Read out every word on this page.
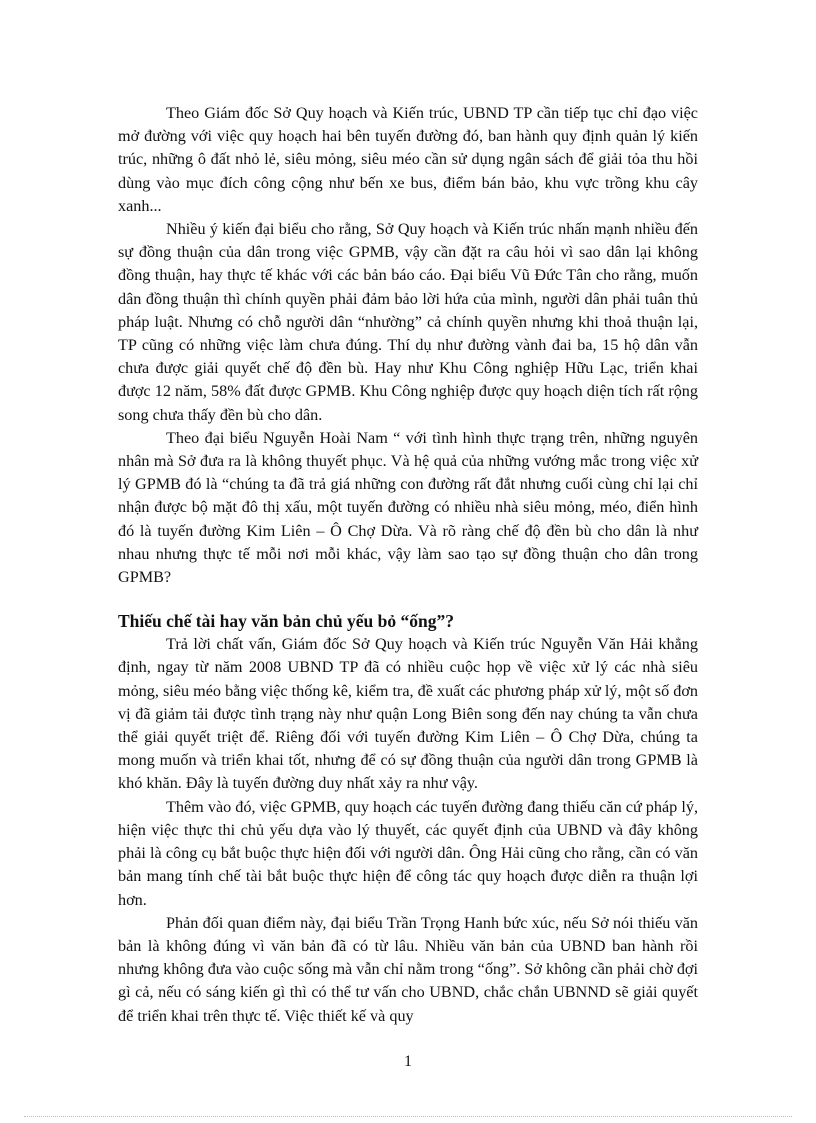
Theo Giám đốc Sở Quy hoạch và Kiến trúc, UBND TP cần tiếp tục chỉ đạo việc mở đường với việc quy hoạch hai bên tuyến đường đó, ban hành quy định quản lý kiến trúc, những ô đất nhỏ lẻ, siêu mỏng, siêu méo cần sử dụng ngân sách để giải tỏa thu hồi dùng vào mục đích công cộng như bến xe bus, điểm bán bảo, khu vực trồng khu cây xanh...

Nhiều ý kiến đại biểu cho rằng, Sở Quy hoạch và Kiến trúc nhấn mạnh nhiều đến sự đồng thuận của dân trong việc GPMB, vậy cần đặt ra câu hỏi vì sao dân lại không đồng thuận, hay thực tế khác với các bản báo cáo. Đại biểu Vũ Đức Tân cho rằng, muốn dân đồng thuận thì chính quyền phải đảm bảo lời hứa của mình, người dân phải tuân thủ pháp luật. Nhưng có chỗ người dân “nhường” cả chính quyền nhưng khi thoả thuận lại, TP cũng có những việc làm chưa đúng. Thí dụ như đường vành đai ba, 15 hộ dân vẫn chưa được giải quyết chế độ đền bù. Hay như Khu Công nghiệp Hữu Lạc, triển khai được 12 năm, 58% đất được GPMB. Khu Công nghiệp được quy hoạch diện tích rất rộng song chưa thấy đền bù cho dân.

Theo đại biểu Nguyễn Hoài Nam “ với tình hình thực trạng trên, những nguyên nhân mà Sở đưa ra là không thuyết phục. Và hệ quả của những vướng mắc trong việc xử lý GPMB đó là “chúng ta đã trả giá những con đường rất đắt nhưng cuối cùng chỉ lại chỉ nhận được bộ mặt đô thị xấu, một tuyến đường có nhiều nhà siêu mỏng, méo, điển hình đó là tuyến đường Kim Liên – Ô Chợ Dừa. Và rõ ràng chế độ đền bù cho dân là như nhau nhưng thực tế mỗi nơi mỗi khác, vậy làm sao tạo sự đồng thuận cho dân trong GPMB?

Thiếu chế tài hay văn bản chủ yếu bỏ “ống”?

Trả lời chất vấn, Giám đốc Sở Quy hoạch và Kiến trúc Nguyễn Văn Hải khẳng định, ngay từ năm 2008 UBND TP đã có nhiều cuộc họp về việc xử lý các nhà siêu mỏng, siêu méo bằng việc thống kê, kiểm tra, đề xuất các phương pháp xử lý, một số đơn vị đã giảm tải được tình trạng này như quận Long Biên song đến nay chúng ta vẫn chưa thể giải quyết triệt để. Riêng đối với tuyến đường Kim Liên – Ô Chợ Dừa, chúng ta mong muốn và triển khai tốt, nhưng để có sự đồng thuận của người dân trong GPMB là khó khăn. Đây là tuyến đường duy nhất xảy ra như vậy.

Thêm vào đó, việc GPMB, quy hoạch các tuyến đường đang thiếu căn cứ pháp lý, hiện việc thực thi chủ yếu dựa vào lý thuyết, các quyết định của UBND và đây không phải là công cụ bắt buộc thực hiện đối với người dân. Ông Hải cũng cho rằng, cần có văn bản mang tính chế tài bắt buộc thực hiện để công tác quy hoạch được diễn ra thuận lợi hơn.

Phản đối quan điểm này, đại biểu Trần Trọng Hanh bức xúc, nếu Sở nói thiếu văn bản là không đúng vì văn bản đã có từ lâu. Nhiều văn bản của UBND ban hành rồi nhưng không đưa vào cuộc sống mà vẫn chỉ nằm trong “ống”. Sở không cần phải chờ đợi gì cả, nếu có sáng kiến gì thì có thể tư vấn cho UBND, chắc chắn UBNND sẽ giải quyết để triển khai trên thực tế. Việc thiết kế và quy

1
